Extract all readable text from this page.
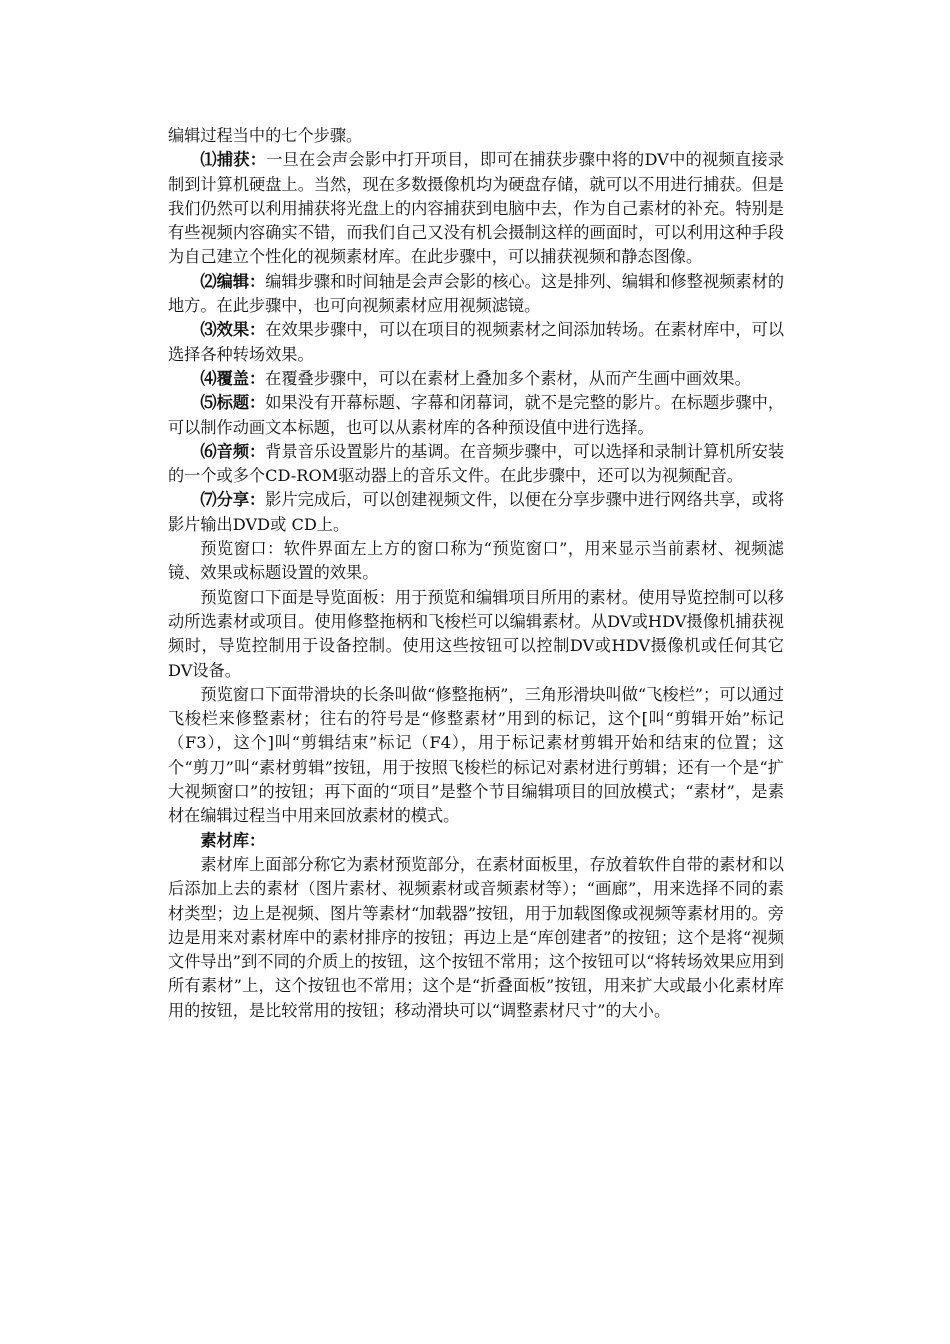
编辑过程当中的七个步骤。

⑴捕获：一旦在会声会影中打开项目，即可在捕获步骤中将的DV中的视频直接录制到计算机硬盘上。当然，现在多数摄像机均为硬盘存储，就可以不用进行捕获。但是我们仍然可以利用捕获将光盘上的内容捕获到电脑中去，作为自己素材的补充。特别是有些视频内容确实不错，而我们自己又没有机会摄制这样的画面时，可以利用这种手段为自己建立个性化的视频素材库。在此步骤中，可以捕获视频和静态图像。

⑵编辑：编辑步骤和时间轴是会声会影的核心。这是排列、编辑和修整视频素材的地方。在此步骤中，也可向视频素材应用视频滤镜。

⑶效果：在效果步骤中，可以在项目的视频素材之间添加转场。在素材库中，可以选择各种转场效果。

⑷覆盖：在覆叠步骤中，可以在素材上叠加多个素材，从而产生画中画效果。

⑸标题：如果没有开幕标题、字幕和闭幕词，就不是完整的影片。在标题步骤中，可以制作动画文本标题，也可以从素材库的各种预设值中进行选择。

⑹音频：背景音乐设置影片的基调。在音频步骤中，可以选择和录制计算机所安装的一个或多个CD-ROM驱动器上的音乐文件。在此步骤中，还可以为视频配音。

⑺分享：影片完成后，可以创建视频文件，以便在分享步骤中进行网络共享，或将影片输出DVD或 CD上。

预览窗口：软件界面左上方的窗口称为“预览窗口”，用来显示当前素材、视频滤镜、效果或标题设置的效果。

预览窗口下面是导览面板：用于预览和编辑项目所用的素材。使用导览控制可以移动所选素材或项目。使用修整拖柄和飞梭栏可以编辑素材。从DV或HDV摄像机捕获视频时，导览控制用于设备控制。使用这些按钮可以控制DV或HDV摄像机或任何其它DV设备。

预览窗口下面带滑块的长条叫做“修整拖柄”，三角形滑块叫做“飞梭栏”；可以通过飞梭栏来修整素材；往右的符号是“修整素材”用到的标记，这个[叫“剪辑开始”标记（F3），这个]叫“剪辑结束”标记（F4），用于标记素材剪辑开始和结束的位置；这个“剪刀”叫“素材剪辑”按钮，用于按照飞梭栏的标记对素材进行剪辑；还有一个是“扩大视频窗口”的按钮；再下面的“项目”是整个节目编辑项目的回放模式；“素材”，是素材在编辑过程当中用来回放素材的模式。

素材库：

素材库上面部分称它为素材预览部分，在素材面板里，存放着软件自带的素材和以后添加上去的素材（图片素材、视频素材或音频素材等）；“画廊”，用来选择不同的素材类型；边上是视频、图片等素材“加载器”按钮，用于加载图像或视频等素材用的。旁边是用来对素材库中的素材排序的按钮；再边上是“库创建者”的按钮；这个是将“视频文件导出”到不同的介质上的按钮，这个按钮不常用；这个按钮可以“将转场效果应用到所有素材”上，这个按钮也不常用；这个是“折叠面板”按钮，用来扩大或最小化素材库用的按钮，是比较常用的按钮；移动滑块可以“调整素材尺寸”的大小。
